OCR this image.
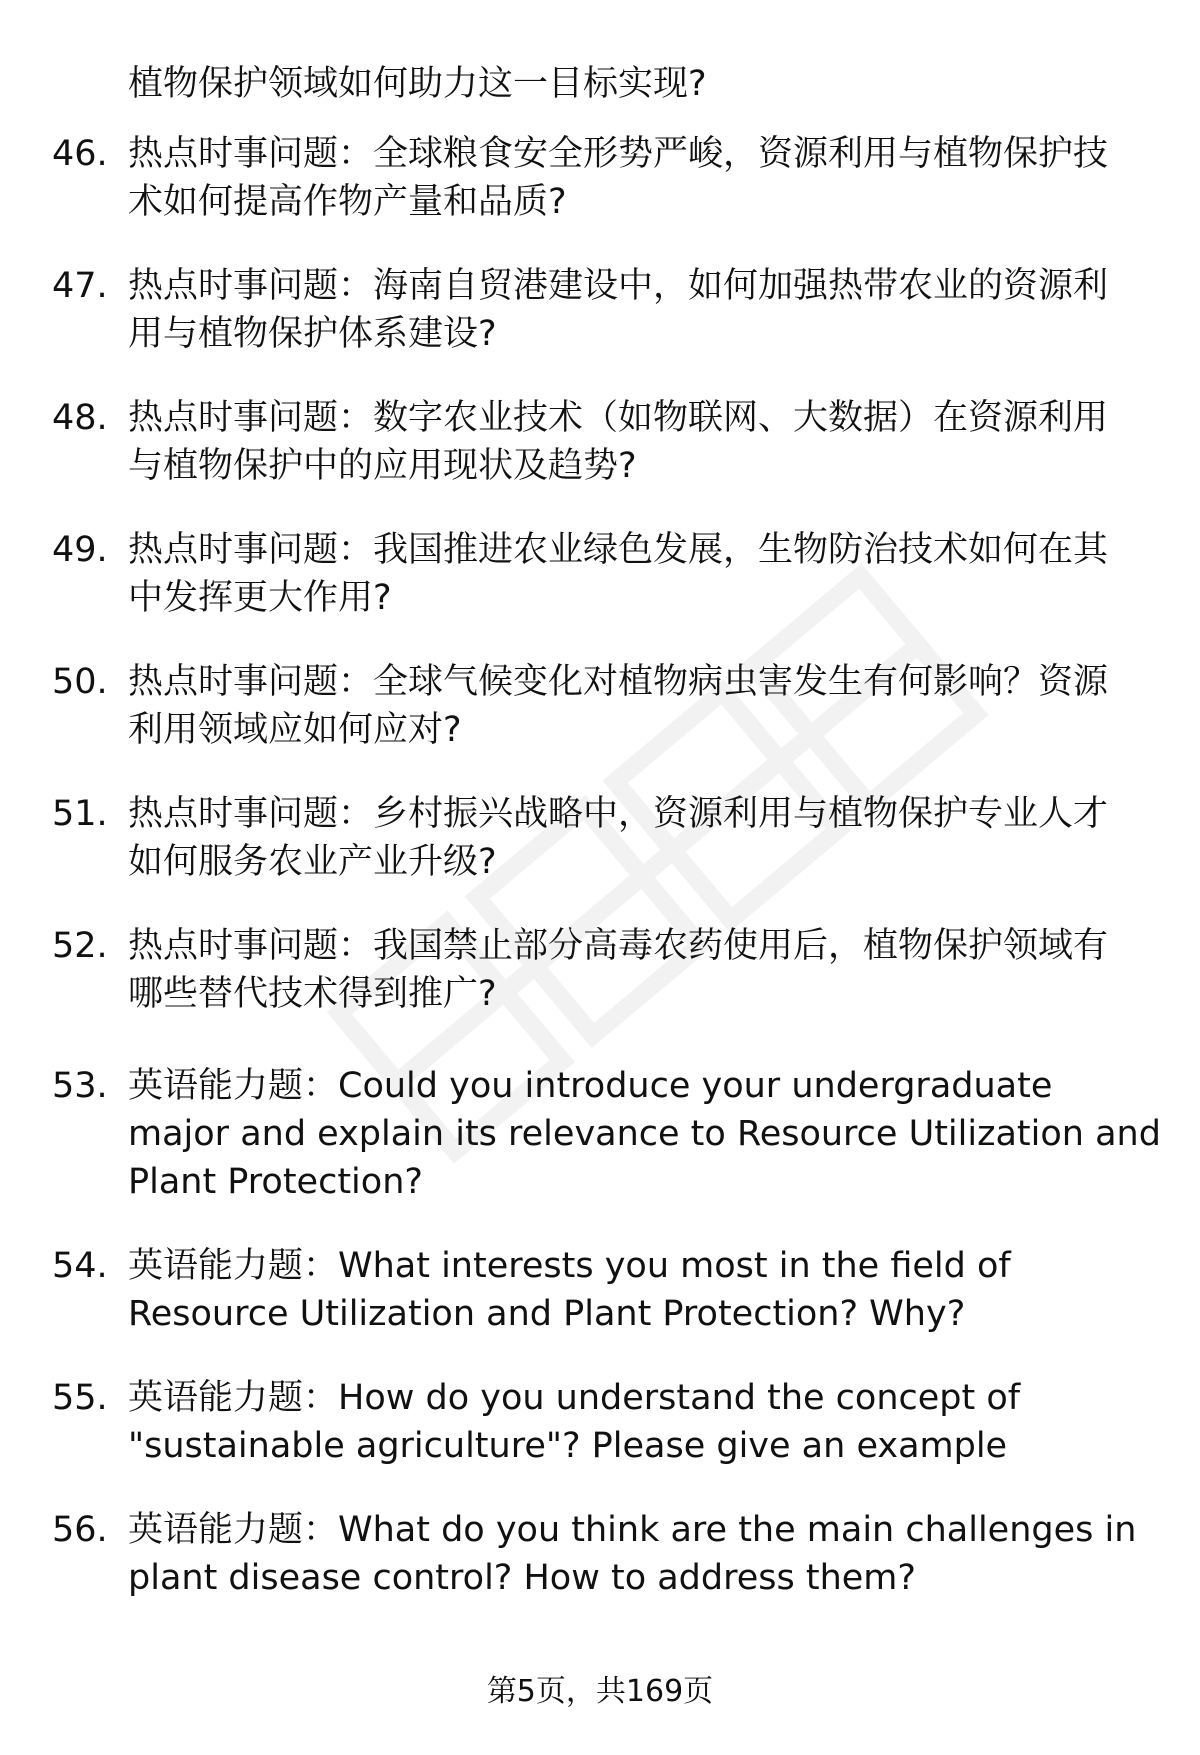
植物保护领域如何助力这一目标实现?
46. 热点时事问题：全球粮食安全形势严峻，资源利用与植物保护技
术如何提高作物产量和品质?
47. 热点时事问题：海南自贸港建设中，如何加强热带农业的资源利
用与植物保护体系建设?
48. 热点时事问题：数字农业技术（如物联网、大数据）在资源利用
与植物保护中的应用现状及趋势?
49. 热点时事问题：我国推进农业绿色发展，生物防治技术如何在其
中发挥更大作用?
50. 热点时事问题：全球气候变化对植物病虫害发生有何影响？资源
利用领域应如何应对?
51. 热点时事问题：乡村振兴战略中，资源利用与植物保护专业人才
如何服务农业产业升级?
52. 热点时事问题：我国禁止部分高毒农药使用后，植物保护领域有
哪些替代技术得到推广?
53. 英语能力题：Could you introduce your undergraduate
major and explain its relevance to Resource Utilization and
Plant Protection?
54. 英语能力题：What interests you most in the field of
Resource Utilization and Plant Protection? Why?
55. 英语能力题：How do you understand the concept of
"sustainable agriculture"? Please give an example
56. 英语能力题：What do you think are the main challenges in
plant disease control? How to address them?
第5页，共169页
